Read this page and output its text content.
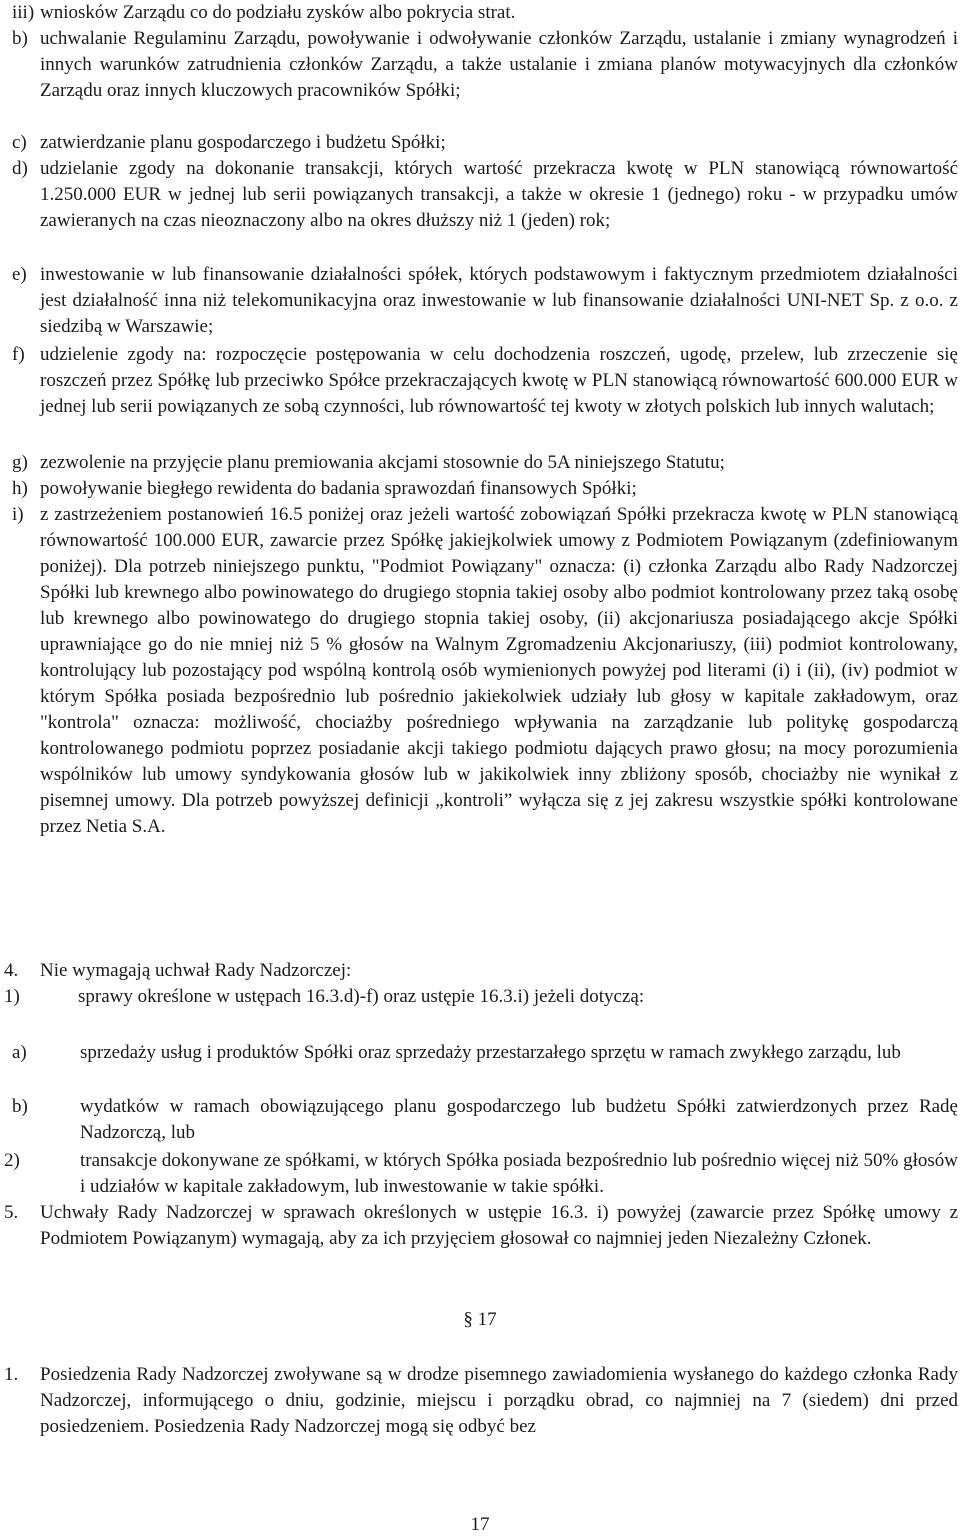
iii) wniosków Zarządu co do podziału zysków albo pokrycia strat.
b) uchwalanie Regulaminu Zarządu, powoływanie i odwoływanie członków Zarządu, ustalanie i zmiany wynagrodzeń i innych warunków zatrudnienia członków Zarządu, a także ustalanie i zmiana planów motywacyjnych dla członków Zarządu oraz innych kluczowych pracowników Spółki;
c) zatwierdzanie planu gospodarczego i budżetu Spółki;
d) udzielanie zgody na dokonanie transakcji, których wartość przekracza kwotę w PLN stanowiącą równowartość 1.250.000 EUR w jednej lub serii powiązanych transakcji, a także w okresie 1 (jednego) roku - w przypadku umów zawieranych na czas nieoznaczony albo na okres dłuższy niż 1 (jeden) rok;
e) inwestowanie w lub finansowanie działalności spółek, których podstawowym i faktycznym przedmiotem działalności jest działalność inna niż telekomunikacyjna oraz inwestowanie w lub finansowanie działalności UNI-NET Sp. z o.o. z siedzibą w Warszawie;
f) udzielenie zgody na: rozpoczęcie postępowania w celu dochodzenia roszczeń, ugodę, przelew, lub zrzeczenie się roszczeń przez Spółkę lub przeciwko Spółce przekraczających kwotę w PLN stanowiącą równowartość 600.000 EUR w jednej lub serii powiązanych ze sobą czynności, lub równowartość tej kwoty w złotych polskich lub innych walutach;
g) zezwolenie na przyjęcie planu premiowania akcjami stosownie do 5A niniejszego Statutu;
h) powoływanie biegłego rewidenta do badania sprawozdań finansowych Spółki;
i) z zastrzeżeniem postanowień 16.5 poniżej oraz jeżeli wartość zobowiązań Spółki przekracza kwotę w PLN stanowiącą równowartość 100.000 EUR, zawarcie przez Spółkę jakiejkolwiek umowy z Podmiotem Powiązanym (zdefiniowanym poniżej). Dla potrzeb niniejszego punktu, "Podmiot Powiązany" oznacza: (i) członka Zarządu albo Rady Nadzorczej Spółki lub krewnego albo powinowatego do drugiego stopnia takiej osoby albo podmiot kontrolowany przez taką osobę lub krewnego albo powinowatego do drugiego stopnia takiej osoby, (ii) akcjonariusza posiadającego akcje Spółki uprawniające go do nie mniej niż 5 % głosów na Walnym Zgromadzeniu Akcjonariuszy, (iii) podmiot kontrolowany, kontrolujący lub pozostający pod wspólną kontrolą osób wymienionych powyżej pod literami (i) i (ii), (iv) podmiot w którym Spółka posiada bezpośrednio lub pośrednio jakiekolwiek udziały lub głosy w kapitale zakładowym, oraz "kontrola" oznacza: możliwość, chociażby pośredniego wpływania na zarządzanie lub politykę gospodarczą kontrolowanego podmiotu poprzez posiadanie akcji takiego podmiotu dających prawo głosu; na mocy porozumienia wspólników lub umowy syndykowania głosów lub w jakikolwiek inny zbliżony sposób, chociażby nie wynikał z pisemnej umowy. Dla potrzeb powyższej definicji „kontroli” wyłącza się z jej zakresu wszystkie spółki kontrolowane przez Netia S.A.
4. Nie wymagają uchwał Rady Nadzorczej:
1)	sprawy określone w ustępach 16.3.d)-f) oraz ustępie 16.3.i) jeżeli dotyczą:
a)	sprzedaży usług i produktów Spółki oraz sprzedaży przestarzałego sprzętu w ramach zwykłego zarządu, lub
b)	wydatków w ramach obowiązującego planu gospodarczego lub budżetu Spółki zatwierdzonych przez Radę Nadzorczą, lub
2)	transakcje dokonywane ze spółkami, w których Spółka posiada bezpośrednio lub pośrednio więcej niż 50% głosów i udziałów w kapitale zakładowym, lub inwestowanie w takie spółki.
5. Uchwały Rady Nadzorczej w sprawach określonych w ustępie 16.3. i) powyżej (zawarcie przez Spółkę umowy z Podmiotem Powiązanym) wymagają, aby za ich przyjęciem głosował co najmniej jeden Niezależny Członek.
§ 17
1. Posiedzenia Rady Nadzorczej zwoływane są w drodze pisemnego zawiadomienia wysłanego do każdego członka Rady Nadzorczej, informującego o dniu, godzinie, miejscu i porządku obrad, co najmniej na 7 (siedem) dni przed posiedzeniem. Posiedzenia Rady Nadzorczej mogą się odbyć bez
17
